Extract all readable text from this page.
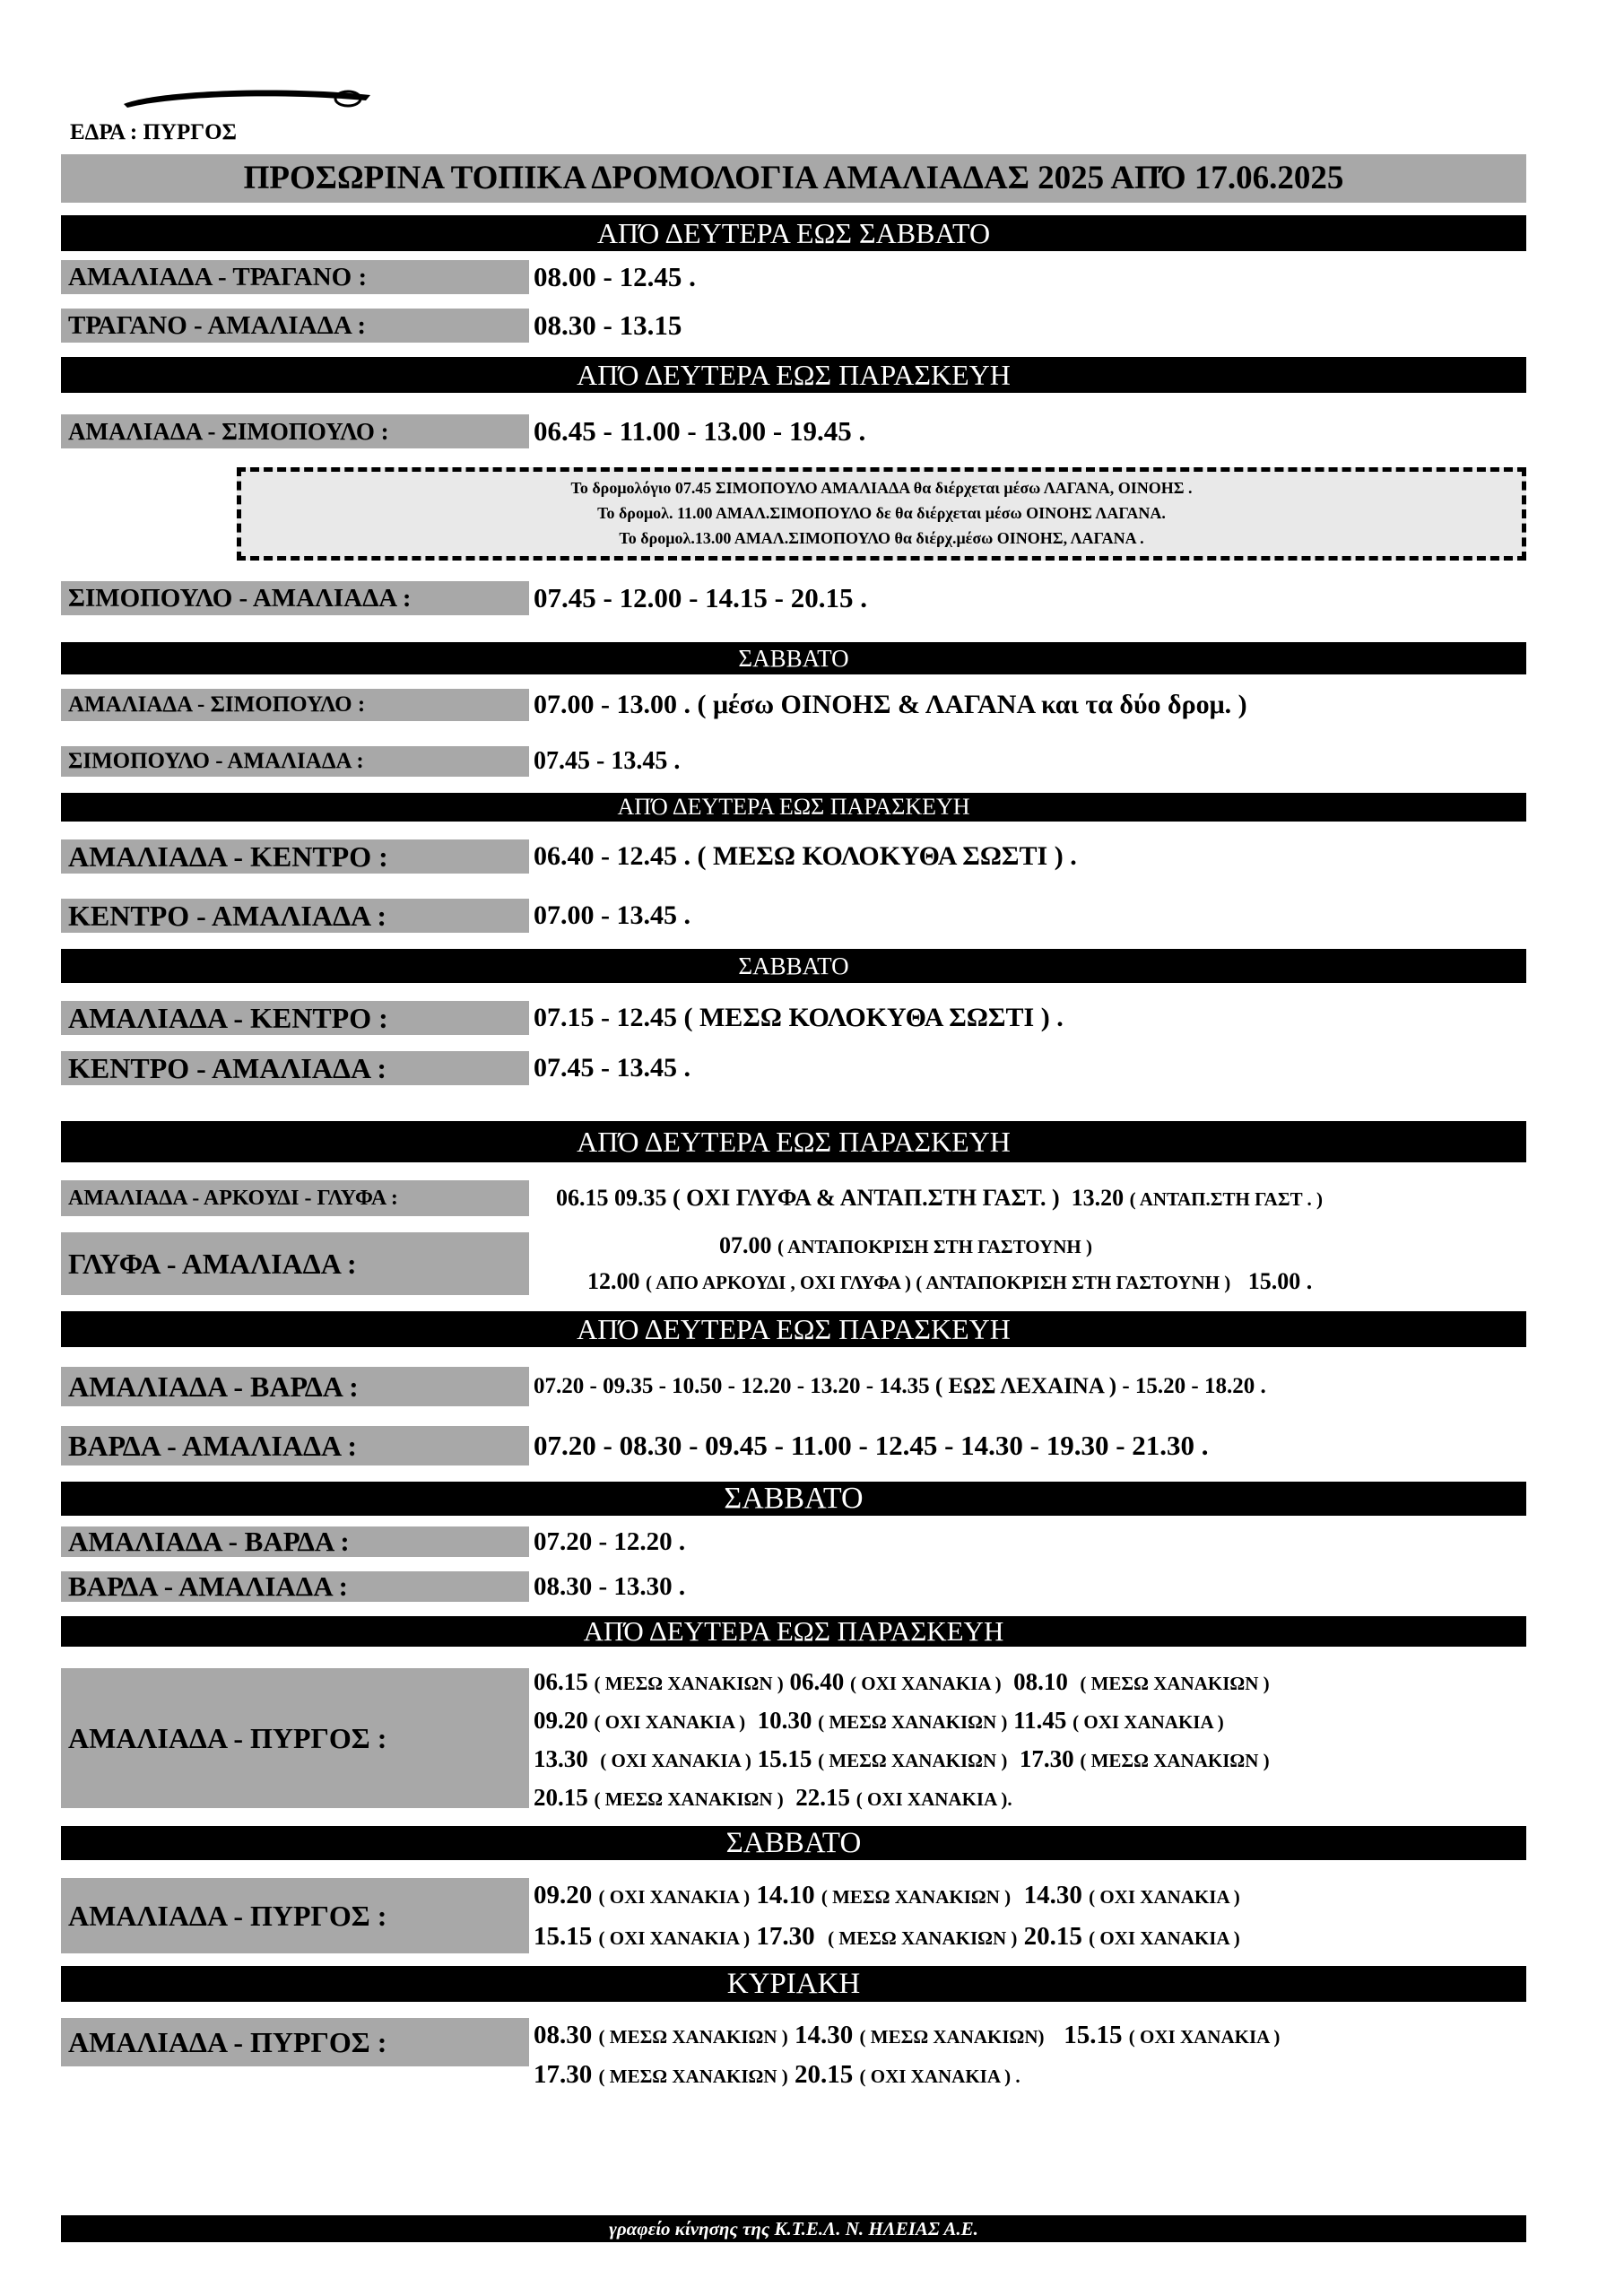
ΕΔΡΑ : ΠΥΡΓΟΣ
ΠΡΟΣΩΡΙΝΑ ΤΟΠΙΚΑ ΔΡΟΜΟΛΟΓΙΑ ΑΜΑΛΙΑΔΑΣ 2025 ΑΠΌ 17.06.2025
ΑΠΌ ΔΕΥΤΕΡΑ ΕΩΣ ΣΑΒΒΑΤΟ
ΑΜΑΛΙΑΔΑ - ΤΡΑΓΑΝΟ :	08.00 - 12.45 .
ΤΡΑΓΑΝΟ - ΑΜΑΛΙΑΔΑ :	08.30 - 13.15
ΑΠΌ ΔΕΥΤΕΡΑ ΕΩΣ ΠΑΡΑΣΚΕΥΗ
ΑΜΑΛΙΑΔΑ - ΣΙΜΟΠΟΥΛΟ :	06.45 - 11.00 - 13.00 - 19.45 .
Το δρομολόγιο 07.45 ΣΙΜΟΠΟΥΛΟ ΑΜΑΛΙΑΔΑ θα διέρχεται μέσω ΛΑΓΑΝΑ, ΟΙΝΟΗΣ .
Το δρομολ. 11.00 ΑΜΑΛ.ΣΙΜΟΠΟΥΛΟ δε θα διέρχεται μέσω ΟΙΝΟΗΣ ΛΑΓΑΝΑ.
Το δρομολ.13.00 ΑΜΑΛ.ΣΙΜΟΠΟΥΛΟ θα διέρχ.μέσω ΟΙΝΟΗΣ, ΛΑΓΑΝΑ .
ΣΙΜΟΠΟΥΛΟ - ΑΜΑΛΙΑΔΑ :	07.45 - 12.00 - 14.15 - 20.15 .
ΣΑΒΒΑΤΟ
ΑΜΑΛΙΑΔΑ - ΣΙΜΟΠΟΥΛΟ :	07.00 - 13.00 . ( μέσω ΟΙΝΟΗΣ & ΛΑΓΑΝΑ και τα δύο δρομ. )
ΣΙΜΟΠΟΥΛΟ - ΑΜΑΛΙΑΔΑ :	07.45 - 13.45 .
ΑΠΌ ΔΕΥΤΕΡΑ ΕΩΣ ΠΑΡΑΣΚΕΥΗ
ΑΜΑΛΙΑΔΑ - ΚΕΝΤΡΟ :	06.40 - 12.45 . ( ΜΕΣΩ ΚΟΛΟΚΥΘΑ ΣΩΣΤΙ ) .
ΚΕΝΤΡΟ - ΑΜΑΛΙΑΔΑ :	07.00 - 13.45 .
ΣΑΒΒΑΤΟ
ΑΜΑΛΙΑΔΑ - ΚΕΝΤΡΟ :	07.15 - 12.45 ( ΜΕΣΩ ΚΟΛΟΚΥΘΑ ΣΩΣΤΙ ) .
ΚΕΝΤΡΟ - ΑΜΑΛΙΑΔΑ :	07.45 - 13.45 .
ΑΠΌ ΔΕΥΤΕΡΑ ΕΩΣ ΠΑΡΑΣΚΕΥΗ
ΑΜΑΛΙΑΔΑ - ΑΡΚΟΥΔΙ - ΓΛΥΦΑ :	06.15 09.35 ( ΟΧΙ ΓΛΥΦΑ & ΑΝΤΑΠ.ΣΤΗ ΓΑΣΤ. ) 13.20 ( ΑΝΤΑΠ.ΣΤΗ ΓΑΣΤ . )
ΓΛΥΦΑ - ΑΜΑΛΙΑΔΑ :
07.00 ( ΑΝΤΑΠΟΚΡΙΣΗ ΣΤΗ ΓΑΣΤΟΥΝΗ )
12.00 ( ΑΠΟ ΑΡΚΟΥΔΙ , ΟΧΙ ΓΛΥΦΑ ) ( ΑΝΤΑΠΟΚΡΙΣΗ ΣΤΗ ΓΑΣΤΟΥΝΗ ) 15.00 .
ΑΠΌ ΔΕΥΤΕΡΑ ΕΩΣ ΠΑΡΑΣΚΕΥΗ
ΑΜΑΛΙΑΔΑ - ΒΑΡΔΑ :	07.20 - 09.35 - 10.50 - 12.20 - 13.20 - 14.35 ( ΕΩΣ ΛΕΧΑΙΝΑ ) - 15.20 - 18.20 .
ΒΑΡΔΑ - ΑΜΑΛΙΑΔΑ :	07.20 - 08.30 - 09.45 - 11.00 - 12.45 - 14.30 - 19.30 - 21.30 .
ΣΑΒΒΑΤΟ
ΑΜΑΛΙΑΔΑ - ΒΑΡΔΑ :	07.20 - 12.20 .
ΒΑΡΔΑ - ΑΜΑΛΙΑΔΑ :	08.30 - 13.30 .
ΑΠΌ ΔΕΥΤΕΡΑ ΕΩΣ ΠΑΡΑΣΚΕΥΗ
ΑΜΑΛΙΑΔΑ - ΠΥΡΓΟΣ :
06.15 ( ΜΕΣΩ ΧΑΝΑΚΙΩΝ ) 06.40 ( ΟΧΙ ΧΑΝΑΚΙΑ ) 08.10 ( ΜΕΣΩ ΧΑΝΑΚΙΩΝ )
09.20 ( ΟΧΙ ΧΑΝΑΚΙΑ ) 10.30 ( ΜΕΣΩ ΧΑΝΑΚΙΩΝ ) 11.45 ( ΟΧΙ ΧΑΝΑΚΙΑ )
13.30 ( ΟΧΙ ΧΑΝΑΚΙΑ ) 15.15 ( ΜΕΣΩ ΧΑΝΑΚΙΩΝ ) 17.30 ( ΜΕΣΩ ΧΑΝΑΚΙΩΝ )
20.15 ( ΜΕΣΩ ΧΑΝΑΚΙΩΝ ) 22.15 ( ΟΧΙ ΧΑΝΑΚΙΑ ).
ΣΑΒΒΑΤΟ
ΑΜΑΛΙΑΔΑ - ΠΥΡΓΟΣ :
09.20 ( ΟΧΙ ΧΑΝΑΚΙΑ ) 14.10 ( ΜΕΣΩ ΧΑΝΑΚΙΩΝ ) 14.30 ( ΟΧΙ ΧΑΝΑΚΙΑ )
15.15 ( ΟΧΙ ΧΑΝΑΚΙΑ ) 17.30 ( ΜΕΣΩ ΧΑΝΑΚΙΩΝ ) 20.15 ( ΟΧΙ ΧΑΝΑΚΙΑ )
ΚΥΡΙΑΚΗ
ΑΜΑΛΙΑΔΑ - ΠΥΡΓΟΣ :	08.30 ( ΜΕΣΩ ΧΑΝΑΚΙΩΝ ) 14.30 ( ΜΕΣΩ ΧΑΝΑΚΙΩΝ) 15.15 ( ΟΧΙ ΧΑΝΑΚΙΑ )
17.30 ( ΜΕΣΩ ΧΑΝΑΚΙΩΝ ) 20.15 ( ΟΧΙ ΧΑΝΑΚΙΑ ) .
γραφείο κίνησης της Κ.Τ.Ε.Λ. Ν. ΗΛΕΙΑΣ Α.Ε.
